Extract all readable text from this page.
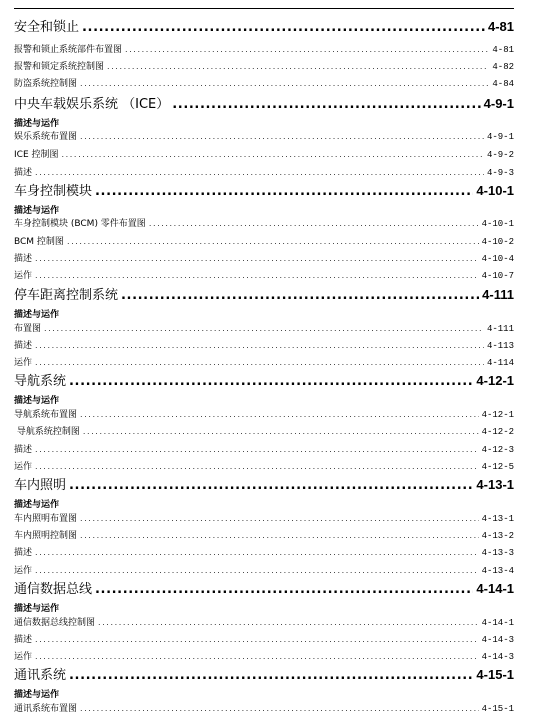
安全和锁止 .....	4-81
报警和锁止系统部件布置图 .....	4-81
报警和锁定系统控制图 .....	4-82
防盗系统控制图 .....	4-84
中央车载娱乐系统 （ICE） .....	4-9-1
描述与运作
娱乐系统布置图 .....	4-9-1
ICE 控制图 .....	4-9-2
描述 .....	4-9-3
车身控制模块 .....	4-10-1
描述与运作
车身控制模块 (BCM) 零件布置图 .....	4-10-1
BCM 控制图 .....	4-10-2
描述 .....	4-10-4
运作 .....	4-10-7
停车距离控制系统 .....	4-111
描述与运作
布置图 .....	4-111
描述 .....	4-113
运作 .....	4-114
导航系统 .....	4-12-1
描述与运作
导航系统布置图 .....	4-12-1
导航系统控制图 .....	4-12-2
描述 .....	4-12-3
运作 .....	4-12-5
车内照明 .....	4-13-1
描述与运作
车内照明布置图 .....	4-13-1
车内照明控制图 .....	4-13-2
描述 .....	4-13-3
运作 .....	4-13-4
通信数据总线 .....	4-14-1
描述与运作
通信数据总线控制图 .....	4-14-1
描述 .....	4-14-3
运作 .....	4-14-3
通讯系统 .....	4-15-1
描述与运作
通讯系统布置图 .....	4-15-1
